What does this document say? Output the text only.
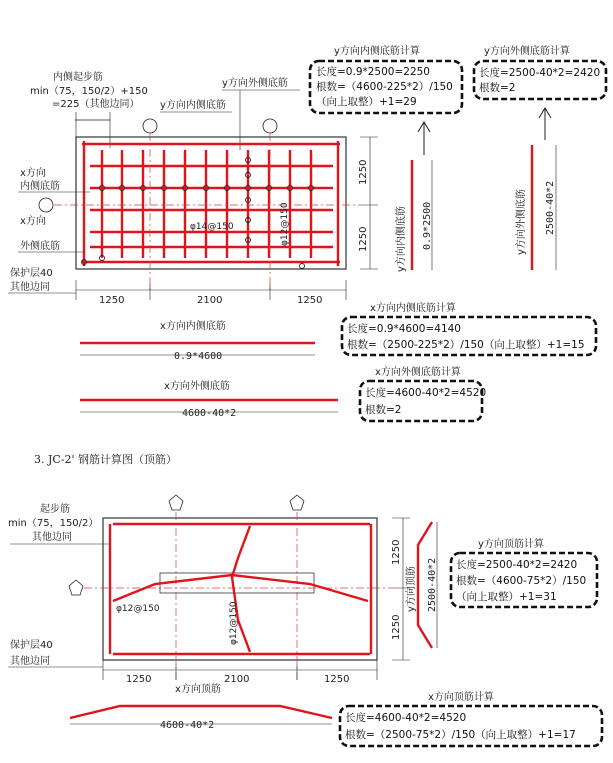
内侧起步筋
min（75，150/2）+150
=225（其他边同）
y方向外侧底筋
y方向内侧底筋
φ14@150	φ12@150
x方向
内侧底筋
x方向
外侧底筋
保护层40
其他边同
1250	2100	1250
1250
1250
y方向内侧底筋计算
长度=0.9*2500=2250
根数=（4600-225*2）/150
（向上取整）+1=29
y方向外侧底筋计算
长度=2500-40*2=2420
根数=2
y方向内侧底筋 0.9*2500	y方向外侧底筋 2500-40*2
x方向内侧底筋计算
长度=0.9*4600=4140
根数=（2500-225*2）/150（向上取整）+1=15
x方向内侧底筋
0.9*4600
x方向外侧底筋计算
长度=4600-40*2=4520
根数=2
x方向外侧底筋
4600-40*2
3. JC-2' 钢筋计算图（顶筋）
起步筋
min（75，150/2）
其他边同
φ12@150	φ12@150
保护层40
其他边同
1250	2100	1250
1250
1250
y方向顶筋 2500-40*2
y方向顶筋计算
长度=2500-40*2=2420
根数=（4600-75*2）/150
（向上取整）+1=31
x方向顶筋
4600-40*2
x方向顶筋计算
长度=4600-40*2=4520
根数=（2500-75*2）/150（向上取整）+1=17
